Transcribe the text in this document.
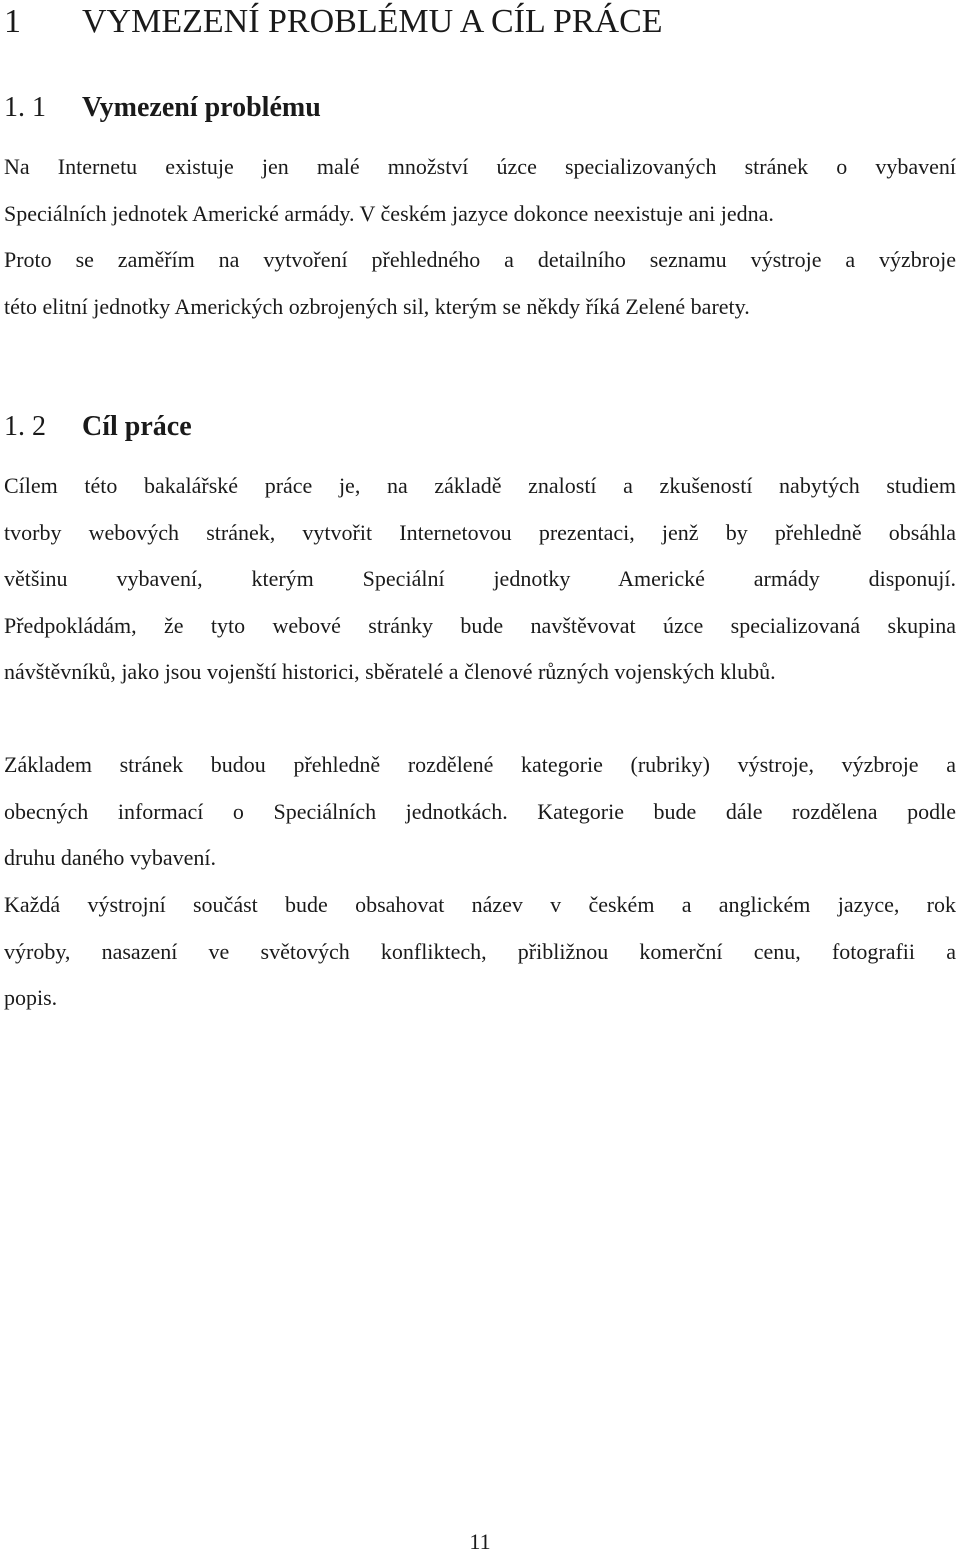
1 VYMEZENÍ PROBLÉMU A CÍL PRÁCE
1. 1 Vymezení problému
Na Internetu existuje jen malé množství úzce specializovaných stránek o vybavení
Speciálních jednotek Americké armády. V českém jazyce dokonce neexistuje ani jedna.
Proto se zaměřím na vytvoření přehledného a detailního seznamu výstroje a výzbroje
této elitní jednotky Amerických ozbrojených sil, kterým se někdy říká Zelené barety.
1. 2 Cíl práce
Cílem této bakalářské práce je, na základě znalostí a zkušeností nabytých studiem
tvorby webových stránek, vytvořit Internetovou prezentaci, jenž by přehledně obsáhla
většinu vybavení, kterým Speciální jednotky Americké armády disponují.
Předpokládám, že tyto webové stránky bude navštěvovat úzce specializovaná skupina
návštěvníků, jako jsou vojenští historici, sběratelé a členové různých vojenských klubů.
Základem stránek budou přehledně rozdělené kategorie (rubriky) výstroje, výzbroje a
obecných informací o Speciálních jednotkách. Kategorie bude dále rozdělena podle
druhu daného vybavení.
Každá výstrojní součást bude obsahovat název v českém a anglickém jazyce, rok
výroby, nasazení ve světových konfliktech, přibližnou komerční cenu, fotografii a
popis.
11
